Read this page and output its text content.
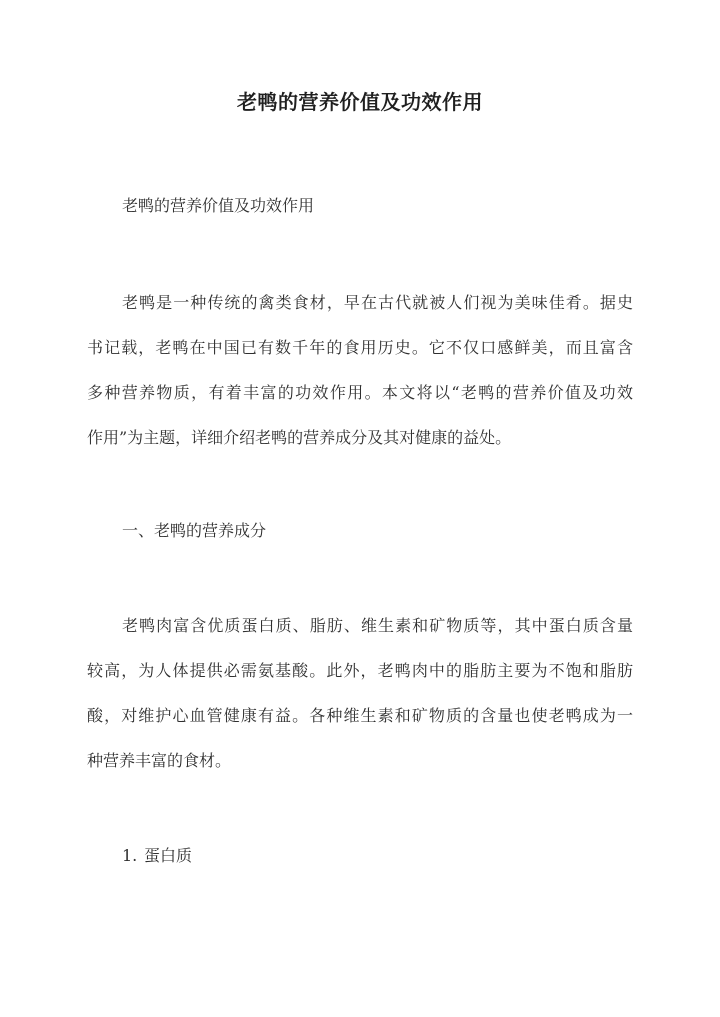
老鸭的营养价值及功效作用

老鸭的营养价值及功效作用

老鸭是一种传统的禽类食材，早在古代就被人们视为美味佳肴。据史

书记载，老鸭在中国已有数千年的食用历史。它不仅口感鲜美，而且富含

多种营养物质，有着丰富的功效作用。本文将以“老鸭的营养价值及功效

作用”为主题，详细介绍老鸭的营养成分及其对健康的益处。

一、老鸭的营养成分

老鸭肉富含优质蛋白质、脂肪、维生素和矿物质等，其中蛋白质含量

较高，为人体提供必需氨基酸。此外，老鸭肉中的脂肪主要为不饱和脂肪

酸，对维护心血管健康有益。各种维生素和矿物质的含量也使老鸭成为一

种营养丰富的食材。

1. 蛋白质
